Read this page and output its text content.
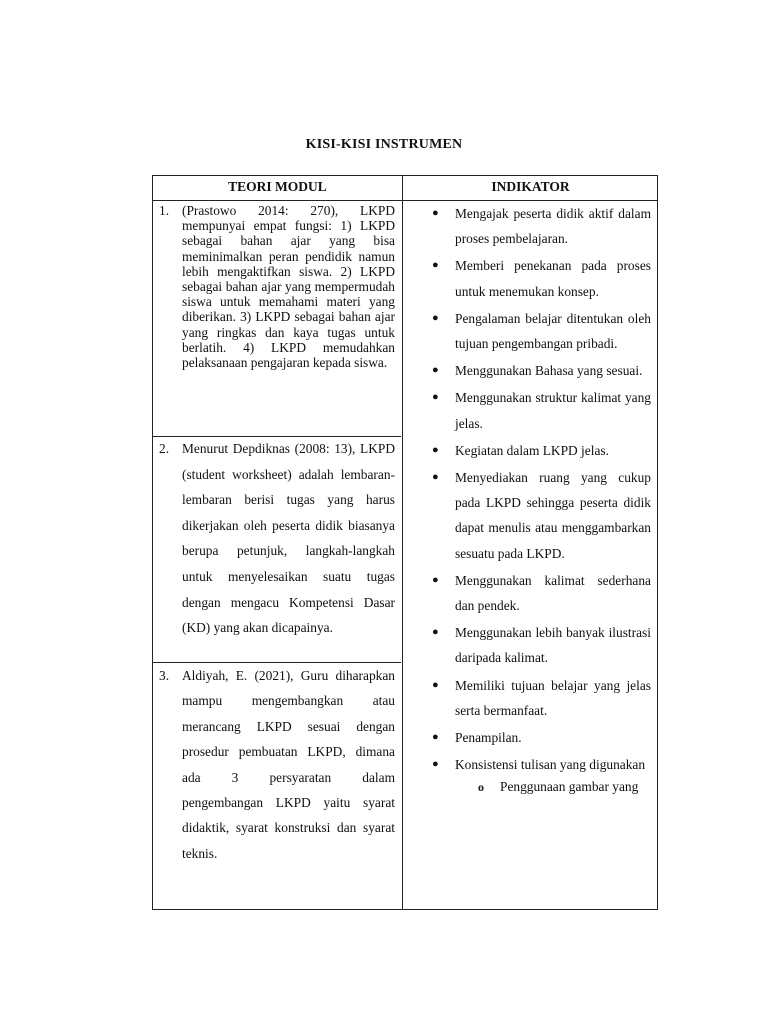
KISI-KISI INSTRUMEN
TEORI MODUL	INDIKATOR
1. (Prastowo 2014: 270), LKPD mempunyai empat fungsi: 1) LKPD sebagai bahan ajar yang bisa meminimalkan peran pendidik namun lebih mengaktifkan siswa. 2) LKPD sebagai bahan ajar yang mempermudah siswa untuk memahami materi yang diberikan. 3) LKPD sebagai bahan ajar yang ringkas dan kaya tugas untuk berlatih. 4) LKPD memudahkan pelaksanaan pengajaran kepada siswa.
2. Menurut Depdiknas (2008: 13), LKPD (student worksheet) adalah lembaran-lembaran berisi tugas yang harus dikerjakan oleh peserta didik biasanya berupa petunjuk, langkah-langkah untuk menyelesaikan suatu tugas dengan mengacu Kompetensi Dasar (KD) yang akan dicapainya.
3. Aldiyah, E. (2021), Guru diharapkan mampu mengembangkan atau merancang LKPD sesuai dengan prosedur pembuatan LKPD, dimana ada 3 persyaratan dalam pengembangan LKPD yaitu syarat didaktik, syarat konstruksi dan syarat teknis.
● Mengajak peserta didik aktif dalam proses pembelajaran.
● Memberi penekanan pada proses untuk menemukan konsep.
● Pengalaman belajar ditentukan oleh tujuan pengembangan pribadi.
● Menggunakan Bahasa yang sesuai.
● Menggunakan struktur kalimat yang jelas.
● Kegiatan dalam LKPD jelas.
● Menyediakan ruang yang cukup pada LKPD sehingga peserta didik dapat menulis atau menggambarkan sesuatu pada LKPD.
● Menggunakan kalimat sederhana dan pendek.
● Menggunakan lebih banyak ilustrasi daripada kalimat.
● Memiliki tujuan belajar yang jelas serta bermanfaat.
● Penampilan.
● Konsistensi tulisan yang digunakan
o Penggunaan gambar yang
